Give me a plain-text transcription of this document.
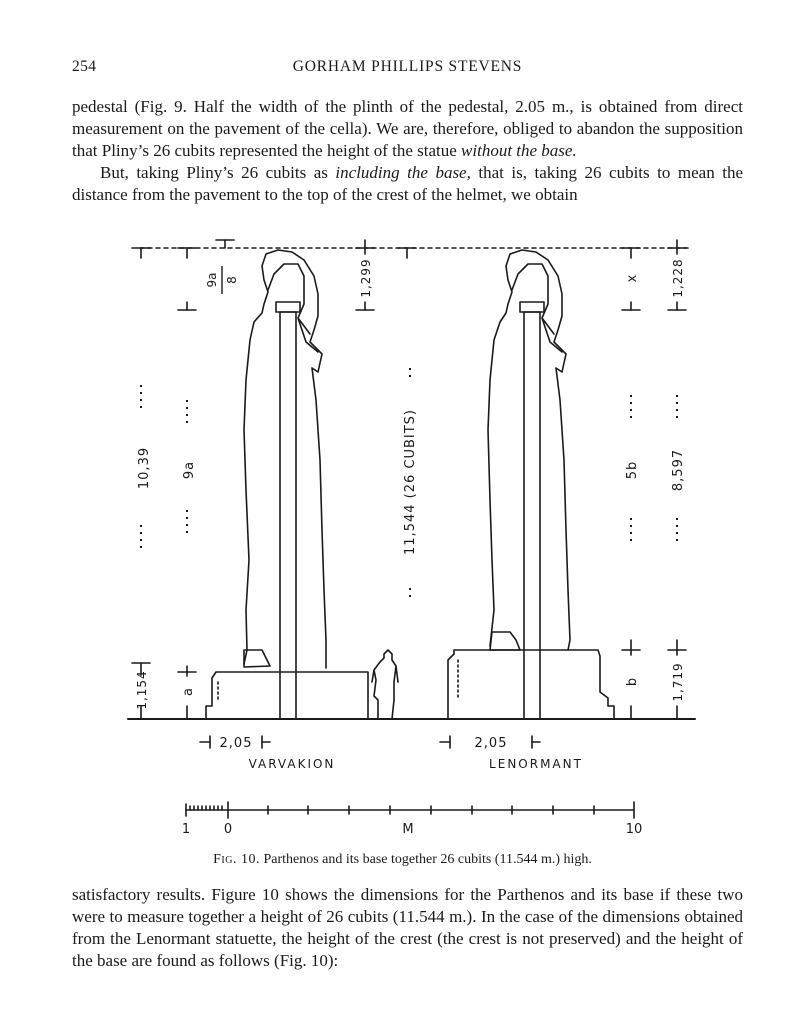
254	GORHAM PHILLIPS STEVENS

pedestal (Fig. 9. Half the width of the plinth of the pedestal, 2.05 m., is obtained from direct measurement on the pavement of the cella). We are, therefore, obliged to abandon the supposition that Pliny’s 26 cubits represented the height of the statue without the base.

But, taking Pliny’s 26 cubits as including the base, that is, taking 26 cubits to mean the distance from the pavement to the top of the crest of the helmet, we obtain

10,39 9a
9a 8	1,299
11,544 (26 CUBITS)
x	1,228
5b 8,597
1,154 a
b	1,719
2,05
VARVAKION
2,05
LENORMANT
1	0	M	10
Fig. 10. Parthenos and its base together 26 cubits (11.544 m.) high.

satisfactory results. Figure 10 shows the dimensions for the Parthenos and its base if these two were to measure together a height of 26 cubits (11.544 m.). In the case of the dimensions obtained from the Lenormant statuette, the height of the crest (the crest is not preserved) and the height of the base are found as follows (Fig. 10):
